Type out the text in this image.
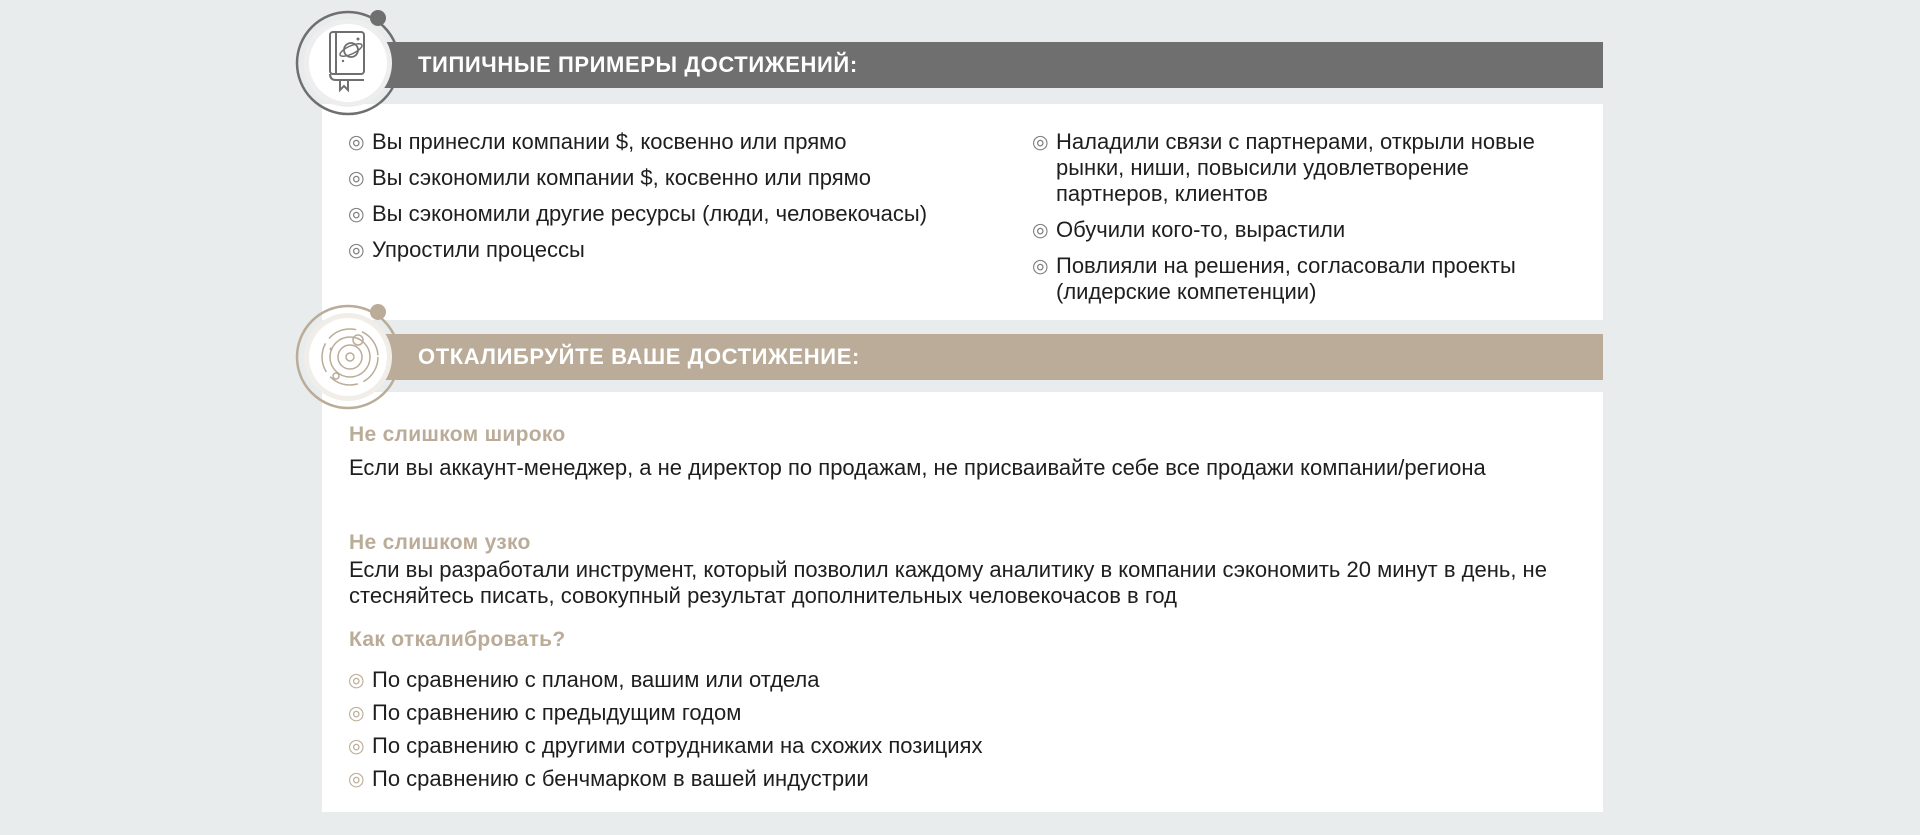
ТИПИЧНЫЕ ПРИМЕРЫ ДОСТИЖЕНИЙ:
◎ Вы принесли компании $, косвенно или прямо
◎ Вы сэкономили компании $, косвенно или прямо
◎ Вы сэкономили другие ресурсы (люди, человекочасы)
◎ Упростили процессы
◎ Наладили связи с партнерами, открыли новые рынки, ниши, повысили удовлетворение партнеров, клиентов
◎ Обучили кого-то, вырастили
◎ Повлияли на решения, согласовали проекты (лидерские компетенции)
ОТКАЛИБРУЙТЕ ВАШЕ ДОСТИЖЕНИЕ:
Не слишком широко
Если вы аккаунт-менеджер, а не директор по продажам, не присваивайте себе все продажи компании/региона
Не слишком узко
Если вы разработали инструмент, который позволил каждому аналитику в компании сэкономить 20 минут в день, не стесняйтесь писать, совокупный результат дополнительных человекочасов в год
Как откалибровать?
◎ По сравнению с планом, вашим или отдела
◎ По сравнению с предыдущим годом
◎ По сравнению с другими сотрудниками на схожих позициях
◎ По сравнению с бенчмарком в вашей индустрии
